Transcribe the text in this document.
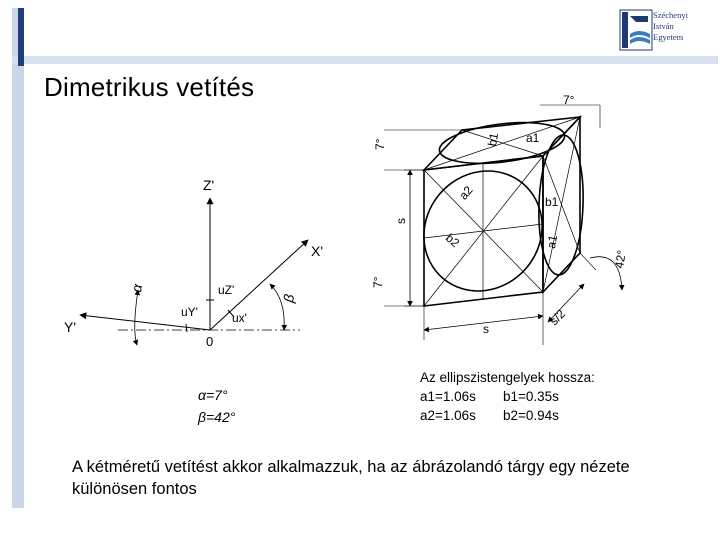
Széchenyi
István
Egyetem
Dimetrikus vetítés
Z'
X'
Y'
0
uZ'
uY'	ux'
α
β
α=7°
β=42°
7°
7°
7°
42°
s
s
s/2
a1
b1
a2
b2
b1
a1
Az ellipszistengelyek hossza:
a1=1.06s b1=0.35s
a2=1.06s b2=0.94s
A kétméretű vetítést akkor alkalmazzuk, ha az ábrázolandó tárgy egy nézete különösen fontos
